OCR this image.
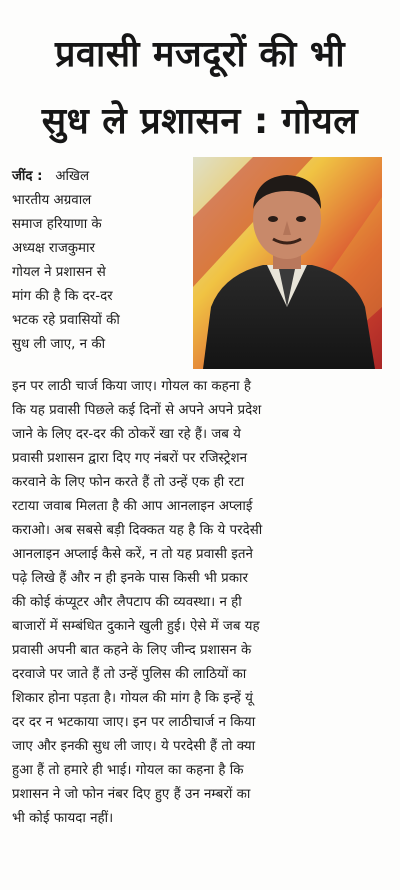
प्रवासी मजदूरों की भी
सुध ले प्रशासन : गोयल
जींद : अखिल
भारतीय अग्रवाल
समाज हरियाणा के
अध्यक्ष राजकुमार
गोयल ने प्रशासन से
मांग की है कि दर-दर
भटक रहे प्रवासियों की
सुध ली जाए, न की
इन पर लाठी चार्ज किया जाए। गोयल का कहना है
कि यह प्रवासी पिछले कई दिनों से अपने अपने प्रदेश
जाने के लिए दर-दर की ठोकरें खा रहे हैं। जब ये
प्रवासी प्रशासन द्वारा दिए गए नंबरों पर रजिस्ट्रेशन
करवाने के लिए फोन करते हैं तो उन्हें एक ही रटा
रटाया जवाब मिलता है की आप आनलाइन अप्लाई
कराओ। अब सबसे बड़ी दिक्कत यह है कि ये परदेसी
आनलाइन अप्लाई कैसे करें, न तो यह प्रवासी इतने
पढ़े लिखे हैं और न ही इनके पास किसी भी प्रकार
की कोई कंप्यूटर और लैपटाप की व्यवस्था। न ही
बाजारों में सम्बंधित दुकाने खुली हुई। ऐसे में जब यह
प्रवासी अपनी बात कहने के लिए जीन्द प्रशासन के
दरवाजे पर जाते हैं तो उन्हें पुलिस की लाठियों का
शिकार होना पड़ता है। गोयल की मांग है कि इन्हें यूं
दर दर न भटकाया जाए। इन पर लाठीचार्ज न किया
जाए और इनकी सुध ली जाए। ये परदेसी हैं तो क्या
हुआ हैं तो हमारे ही भाई। गोयल का कहना है कि
प्रशासन ने जो फोन नंबर दिए हुए हैं उन नम्बरों का
भी कोई फायदा नहीं।
